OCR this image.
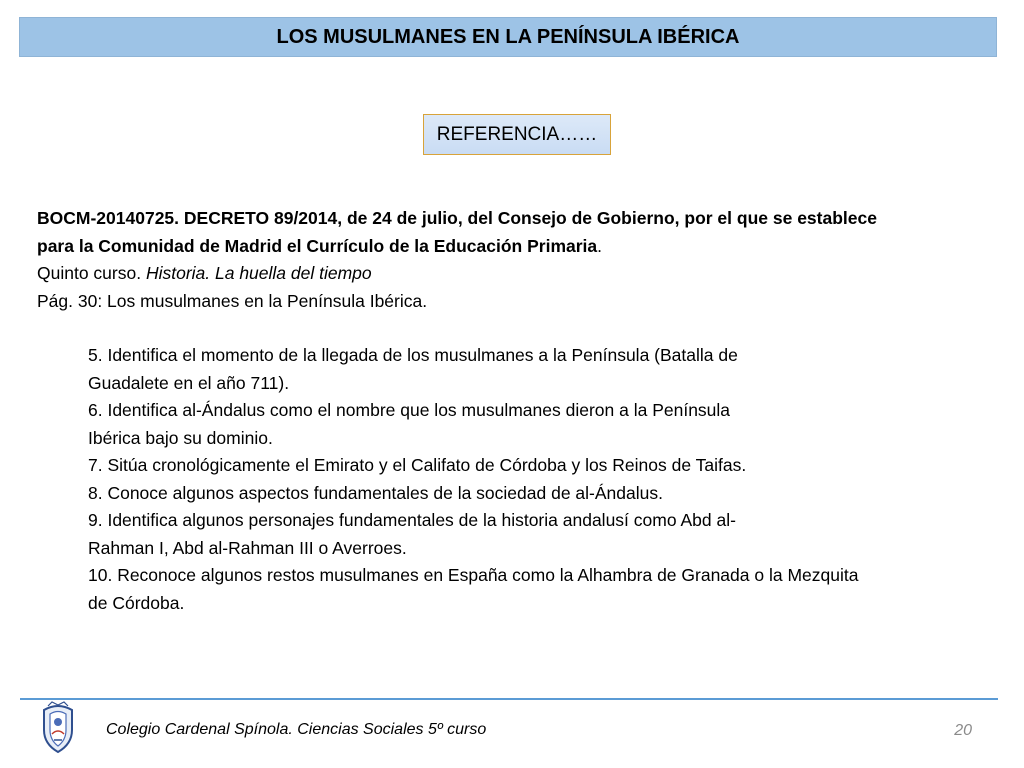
LOS MUSULMANES EN LA PENÍNSULA IBÉRICA
REFERENCIA……
BOCM-20140725. DECRETO 89/2014, de 24 de julio, del Consejo de Gobierno, por el que se establece
para la Comunidad de Madrid el Currículo de la Educación Primaria.
Quinto curso. Historia. La huella del tiempo
Pág. 30: Los musulmanes en la Península Ibérica.
5. Identifica el momento de la llegada de los musulmanes a la Península (Batalla de
Guadalete en el año 711).
6. Identifica al-Ándalus como el nombre que los musulmanes dieron a la Península
Ibérica bajo su dominio.
7. Sitúa cronológicamente el Emirato y el Califato de Córdoba y los Reinos de Taifas.
8. Conoce algunos aspectos fundamentales de la sociedad de al-Ándalus.
9. Identifica algunos personajes fundamentales de la historia andalusí como Abd al-
Rahman I, Abd al-Rahman III o Averroes.
10. Reconoce algunos restos musulmanes en España como la Alhambra de Granada o la Mezquita
de Córdoba.
Colegio Cardenal Spínola. Ciencias Sociales 5º curso	20
